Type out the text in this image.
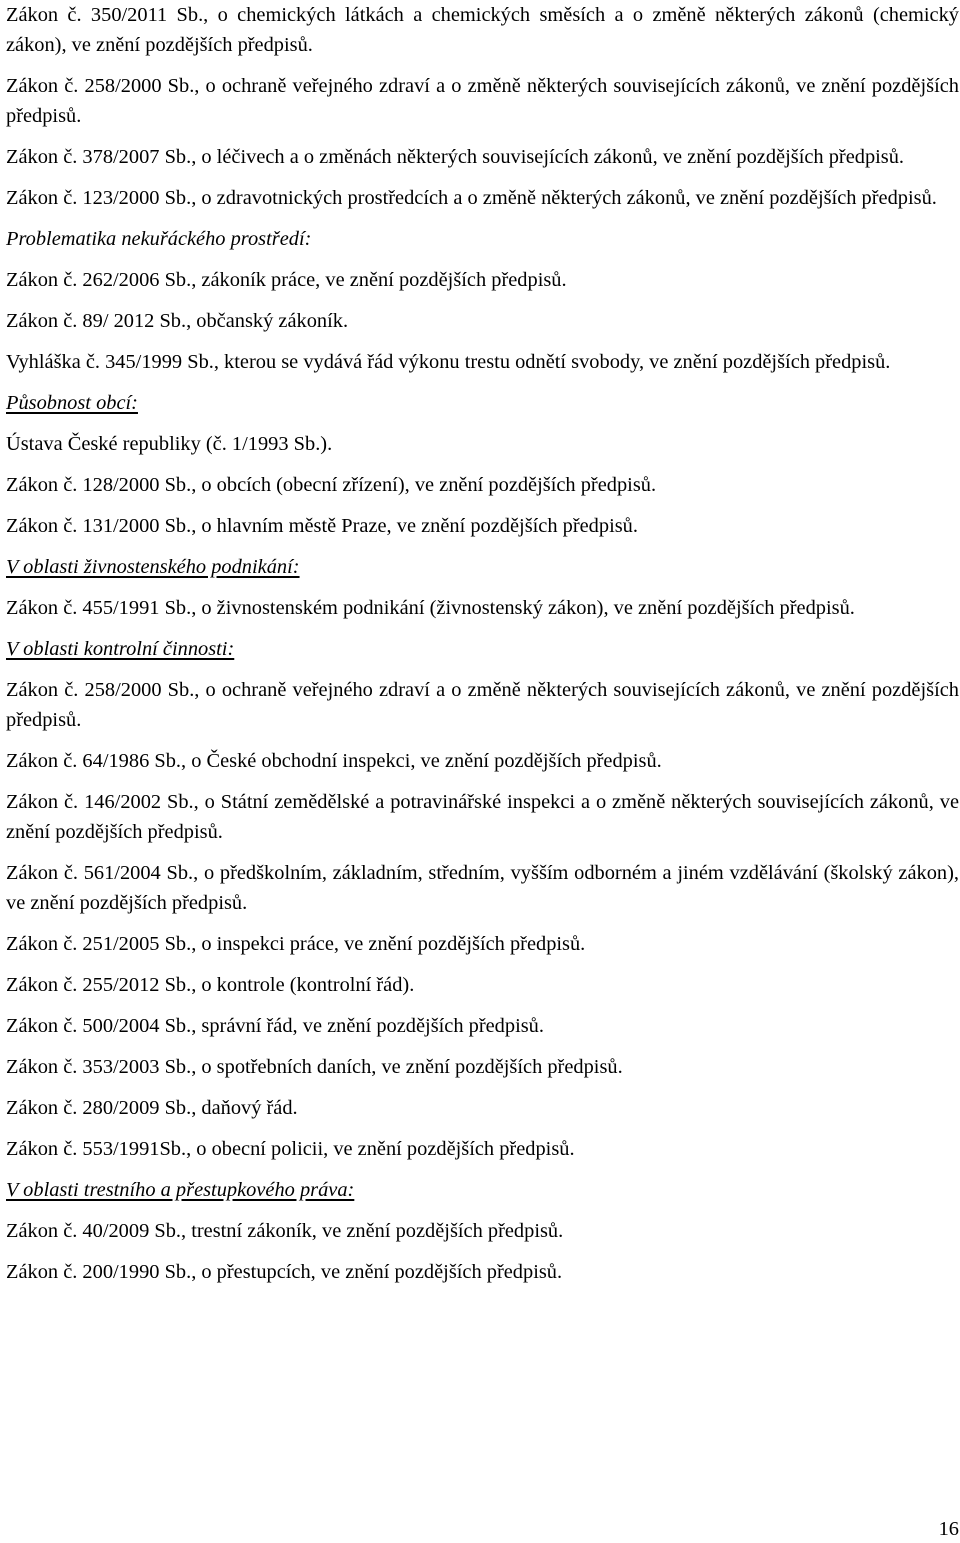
Zákon č. 350/2011 Sb., o chemických látkách a chemických směsích a o změně některých zákonů (chemický zákon), ve znění pozdějších předpisů.

Zákon č. 258/2000 Sb., o ochraně veřejného zdraví a o změně některých souvisejících zákonů, ve znění pozdějších předpisů.

Zákon č. 378/2007 Sb., o léčivech a o změnách některých souvisejících zákonů, ve znění pozdějších předpisů.

Zákon č. 123/2000 Sb., o zdravotnických prostředcích a o změně některých zákonů, ve znění pozdějších předpisů.

Problematika nekuřáckého prostředí:

Zákon č. 262/2006 Sb., zákoník práce, ve znění pozdějších předpisů.

Zákon č. 89/ 2012 Sb., občanský zákoník.

Vyhláška č. 345/1999 Sb., kterou se vydává řád výkonu trestu odnětí svobody, ve znění pozdějších předpisů.

Působnost obcí:

Ústava České republiky (č. 1/1993 Sb.).

Zákon č. 128/2000 Sb., o obcích (obecní zřízení), ve znění pozdějších předpisů.

Zákon č. 131/2000 Sb., o hlavním městě Praze, ve znění pozdějších předpisů.

V oblasti živnostenského podnikání:

Zákon č. 455/1991 Sb., o živnostenském podnikání (živnostenský zákon), ve znění pozdějších předpisů.

V oblasti kontrolní činnosti:

Zákon č. 258/2000 Sb., o ochraně veřejného zdraví a o změně některých souvisejících zákonů, ve znění pozdějších předpisů.

Zákon č. 64/1986 Sb., o České obchodní inspekci, ve znění pozdějších předpisů.

Zákon č. 146/2002 Sb., o Státní zemědělské a potravinářské inspekci a o změně některých souvisejících zákonů, ve znění pozdějších předpisů.

Zákon č. 561/2004 Sb., o předškolním, základním, středním, vyšším odborném a jiném vzdělávání (školský zákon), ve znění pozdějších předpisů.

Zákon č. 251/2005 Sb., o inspekci práce, ve znění pozdějších předpisů.

Zákon č. 255/2012 Sb., o kontrole (kontrolní řád).

Zákon č. 500/2004 Sb., správní řád, ve znění pozdějších předpisů.

Zákon č. 353/2003 Sb., o spotřebních daních, ve znění pozdějších předpisů.

Zákon č. 280/2009 Sb., daňový řád.

Zákon č. 553/1991Sb., o obecní policii, ve znění pozdějších předpisů.

V oblasti trestního a přestupkového práva:

Zákon č. 40/2009 Sb., trestní zákoník, ve znění pozdějších předpisů.

Zákon č. 200/1990 Sb., o přestupcích, ve znění pozdějších předpisů.

16
